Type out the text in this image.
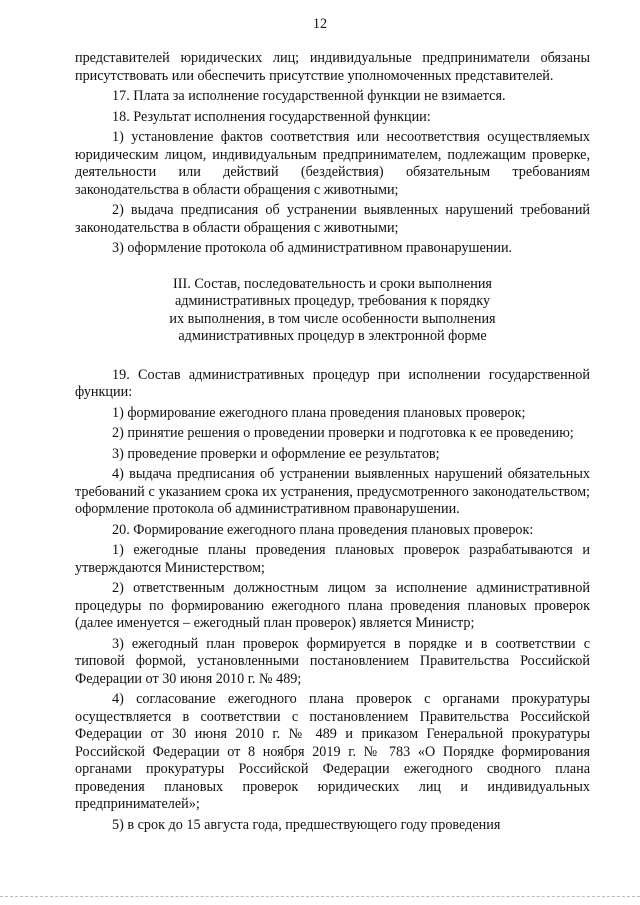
12

представителей юридических лиц; индивидуальные предприниматели обязаны присутствовать или обеспечить присутствие уполномоченных представителей.

17. Плата за исполнение государственной функции не взимается.

18. Результат исполнения государственной функции:

1) установление фактов соответствия или несоответствия осуществляемых юридическим лицом, индивидуальным предпринимателем, подлежащим проверке, деятельности или действий (бездействия) обязательным требованиям законодательства в области обращения с животными;

2) выдача предписания об устранении выявленных нарушений требований законодательства в области обращения с животными;

3) оформление протокола об административном правонарушении.

III. Состав, последовательность и сроки выполнения
административных процедур, требования к порядку
их выполнения, в том числе особенности выполнения
административных процедур в электронной форме

19. Состав административных процедур при исполнении государственной функции:

1) формирование ежегодного плана проведения плановых проверок;

2) принятие решения о проведении проверки и подготовка к ее проведению;

3) проведение проверки и оформление ее результатов;

4) выдача предписания об устранении выявленных нарушений обязательных требований с указанием срока их устранения, предусмотренного законодательством; оформление протокола об административном правонарушении.

20. Формирование ежегодного плана проведения плановых проверок:

1) ежегодные планы проведения плановых проверок разрабатываются и утверждаются Министерством;

2) ответственным должностным лицом за исполнение административной процедуры по формированию ежегодного плана проведения плановых проверок (далее именуется – ежегодный план проверок) является Министр;

3) ежегодный план проверок формируется в порядке и в соответствии с типовой формой, установленными постановлением Правительства Российской Федерации от 30 июня 2010 г. № 489;

4) согласование ежегодного плана проверок с органами прокуратуры осуществляется в соответствии с постановлением Правительства Российской Федерации от 30 июня 2010 г. № 489 и приказом Генеральной прокуратуры Российской Федерации от 8 ноября 2019 г. № 783 «О Порядке формирования органами прокуратуры Российской Федерации ежегодного сводного плана проведения плановых проверок юридических лиц и индивидуальных предпринимателей»;

5) в срок до 15 августа года, предшествующего году проведения
